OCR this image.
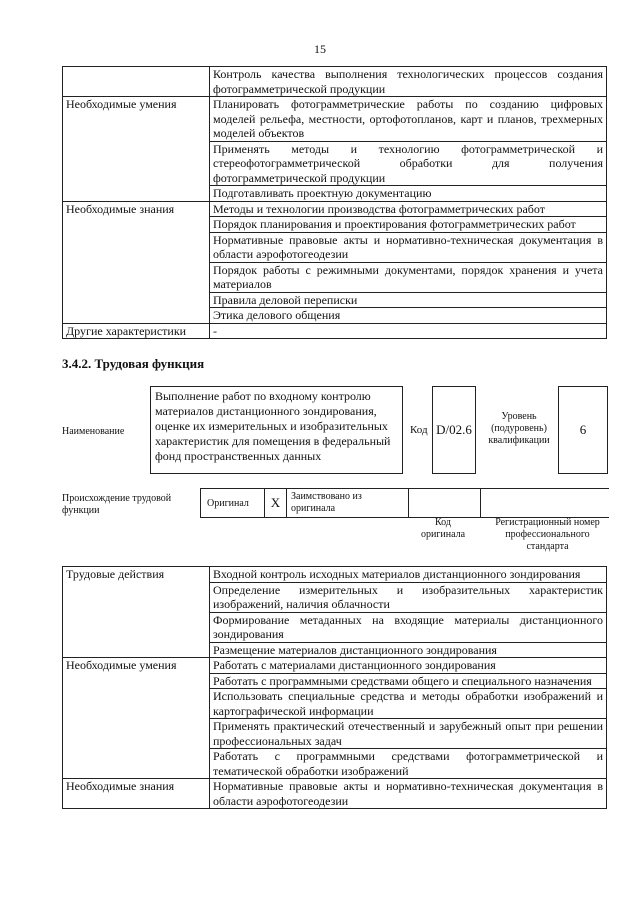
15
	Контроль качества выполнения технологических процессов создания фотограмметрической продукции
Необходимые умения	Планировать фотограмметрические работы по созданию цифровых моделей рельефа, местности, ортофотопланов, карт и планов, трехмерных моделей объектов
	Применять методы и технологию фотограмметрической и стереофотограмметрической обработки для получения фотограмметрической продукции
	Подготавливать проектную документацию
Необходимые знания	Методы и технологии производства фотограмметрических работ
	Порядок планирования и проектирования фотограмметрических работ
	Нормативные правовые акты и нормативно-техническая документация в области аэрофотогеодезии
	Порядок работы с режимными документами, порядок хранения и учета материалов
	Правила деловой переписки
	Этика делового общения
Другие характеристики	-
3.4.2. Трудовая функция
Наименование
Выполнение работ по входному контролю материалов дистанционного зондирования, оценке их измерительных и изобразительных характеристик для помещения в федеральный фонд пространственных данных
Код D/02.6
Уровень (подуровень) квалификации
6
Происхождение трудовой функции
Оригинал	X	Заимствовано из оригинала
Код оригинала
Регистрационный номер профессионального стандарта
Трудовые действия	Входной контроль исходных материалов дистанционного зондирования
	Определение измерительных и изобразительных характеристик изображений, наличия облачности
	Формирование метаданных на входящие материалы дистанционного зондирования
	Размещение материалов дистанционного зондирования
Необходимые умения	Работать с материалами дистанционного зондирования
	Работать с программными средствами общего и специального назначения
	Использовать специальные средства и методы обработки изображений и картографической информации
	Применять практический отечественный и зарубежный опыт при решении профессиональных задач
	Работать с программными средствами фотограмметрической и тематической обработки изображений
Необходимые знания	Нормативные правовые акты и нормативно-техническая документация в области аэрофотогеодезии
